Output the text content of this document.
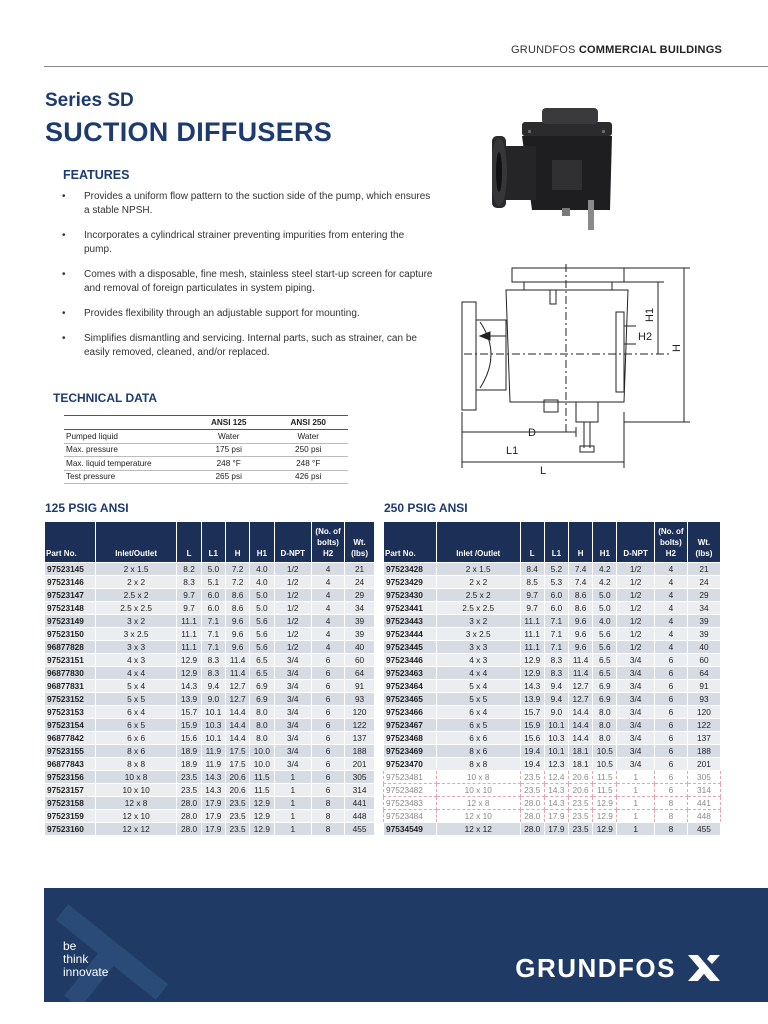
GRUNDFOS COMMERCIAL BUILDINGS
Series SD
SUCTION DIFFUSERS
FEATURES
• Provides a uniform flow pattern to the suction side of the pump, which ensures a stable NPSH.
• Incorporates a cylindrical strainer preventing impurities from entering the pump.
• Comes with a disposable, fine mesh, stainless steel start-up screen for capture and removal of foreign particulates in system piping.
• Provides flexibility through an adjustable support for mounting.
• Simplifies dismantling and servicing. Internal parts, such as strainer, can be easily removed, cleaned, and/or replaced.
H1
H2
H
D
L1
L
TECHNICAL DATA
	ANSI 125	ANSI 250
Pumped liquid	Water	Water
Max. pressure	175 psi	250 psi
Max. liquid temperature	248 °F	248 °F
Test pressure	265 psi	426 psi
125 PSIG ANSI	250 PSIG ANSI
Part No.	Inlet/Outlet	L	L1	H	H1	D-NPT	(No. of bolts) H2	Wt. (lbs)
97523145	2 x 1.5	8.2	5.0	7.2	4.0	1/2	4	21
97523146	2 x 2	8.3	5.1	7.2	4.0	1/2	4	24
97523147	2.5 x 2	9.7	6.0	8.6	5.0	1/2	4	29
97523148	2.5 x 2.5	9.7	6.0	8.6	5.0	1/2	4	34
97523149	3 x 2	11.1	7.1	9.6	5.6	1/2	4	39
97523150	3 x 2.5	11.1	7.1	9.6	5.6	1/2	4	39
96877828	3 x 3	11.1	7.1	9.6	5.6	1/2	4	40
97523151	4 x 3	12.9	8.3	11.4	6.5	3/4	6	60
96877830	4 x 4	12.9	8.3	11.4	6.5	3/4	6	64
96877831	5 x 4	14.3	9.4	12.7	6.9	3/4	6	91
97523152	5 x 5	13.9	9.0	12.7	6.9	3/4	6	93
97523153	6 x 4	15.7	10.1	14.4	8.0	3/4	6	120
97523154	6 x 5	15.9	10.3	14.4	8.0	3/4	6	122
96877842	6 x 6	15.6	10.1	14.4	8.0	3/4	6	137
97523155	8 x 6	18.9	11.9	17.5	10.0	3/4	6	188
96877843	8 x 8	18.9	11.9	17.5	10.0	3/4	6	201
97523156	10 x 8	23.5	14.3	20.6	11.5	1	6	305
97523157	10 x 10	23.5	14.3	20.6	11.5	1	6	314
97523158	12 x 8	28.0	17.9	23.5	12.9	1	8	441
97523159	12 x 10	28.0	17.9	23.5	12.9	1	8	448
97523160	12 x 12	28.0	17.9	23.5	12.9	1	8	455
Part No.	Inlet /Outlet	L	L1	H	H1	D-NPT	(No. of bolts) H2	Wt. (lbs)
97523428	2 x 1.5	8.4	5.2	7.4	4.2	1/2	4	21
97523429	2 x 2	8.5	5.3	7.4	4.2	1/2	4	24
97523430	2.5 x 2	9.7	6.0	8.6	5.0	1/2	4	29
97523441	2.5 x 2.5	9.7	6.0	8.6	5.0	1/2	4	34
97523443	3 x 2	11.1	7.1	9.6	4.0	1/2	4	39
97523444	3 x 2.5	11.1	7.1	9.6	5.6	1/2	4	39
97523445	3 x 3	11.1	7.1	9.6	5.6	1/2	4	40
97523446	4 x 3	12.9	8.3	11.4	6.5	3/4	6	60
97523463	4 x 4	12.9	8.3	11.4	6.5	3/4	6	64
97523464	5 x 4	14.3	9.4	12.7	6.9	3/4	6	91
97523465	5 x 5	13.9	9.4	12.7	6.9	3/4	6	93
97523466	6 x 4	15.7	9.0	14.4	8.0	3/4	6	120
97523467	6 x 5	15.9	10.1	14.4	8.0	3/4	6	122
97523468	6 x 6	15.6	10.3	14.4	8.0	3/4	6	137
97523469	8 x 6	19.4	10.1	18.1	10.5	3/4	6	188
97523470	8 x 8	19.4	12.3	18.1	10.5	3/4	6	201
97523481	10 x 8	23.5	12.4	20.6	11.5	1	6	305
97523482	10 x 10	23.5	14.3	20.6	11.5	1	6	314
97523483	12 x 8	28.0	14.3	23.5	12.9	1	8	441
97523484	12 x 10	28.0	17.9	23.5	12.9	1	8	448
97534549	12 x 12	28.0	17.9	23.5	12.9	1	8	455
be
think
innovate	GRUNDFOS
